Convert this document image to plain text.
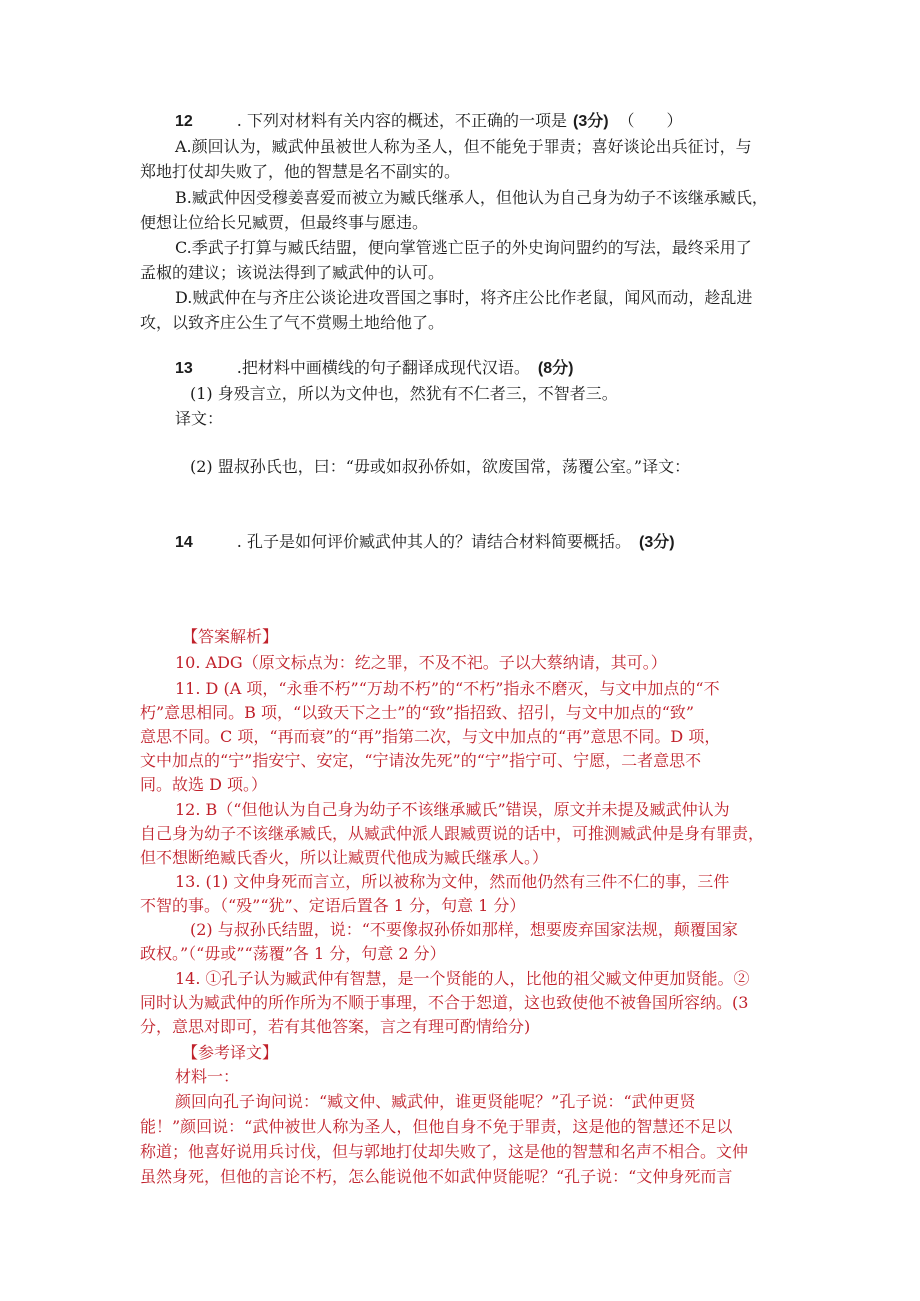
12	. 下列对材料有关内容的概述，不正确的一项是 (3分) （　　）
A.颜回认为，臧武仲虽被世人称为圣人，但不能免于罪责；喜好谈论出兵征讨，与
郑地打仗却失败了，他的智慧是名不副实的。
B.臧武仲因受穆姜喜爱而被立为臧氏继承人，但他认为自己身为幼子不该继承臧氏，
便想让位给长兄臧贾，但最终事与愿违。
C.季武子打算与臧氏结盟，便向掌管逃亡臣子的外史询问盟约的写法，最终采用了
孟椒的建议；该说法得到了臧武仲的认可。
D.贼武仲在与齐庄公谈论进攻晋国之事时，将齐庄公比作老鼠，闻风而动，趁乱进
攻，以致齐庄公生了气不赏赐土地给他了。
13	.把材料中画横线的句子翻译成现代汉语。 (8分)
(1) 身殁言立，所以为文仲也，然犹有不仁者三，不智者三。
译文：
(2) 盟叔孙氏也，曰：“毋或如叔孙侨如，欲废国常，荡覆公室。”译文：
14	. 孔子是如何评价臧武仲其人的？请结合材料简要概括。 (3分)
【答案解析】
10. ADG（原文标点为：纥之罪，不及不祀。子以大蔡纳请，其可。）
11. D (A 项，“永垂不朽”“万劫不朽”的“不朽”指永不磨灭，与文中加点的“不
朽”意思相同。B 项，“以致天下之士”的“致”指招致、招引，与文中加点的“致”
意思不同。C 项，“再而衰”的“再”指第二次，与文中加点的“再”意思不同。D 项，
文中加点的“宁”指安宁、安定，“宁请汝先死”的“宁”指宁可、宁愿，二者意思不
同。故选 D 项。）
12. B（“但他认为自己身为幼子不该继承臧氏”错误，原文并未提及臧武仲认为
自己身为幼子不该继承臧氏，从臧武仲派人跟臧贾说的话中，可推测臧武仲是身有罪责，
但不想断绝臧氏香火，所以让臧贾代他成为臧氏继承人。）
13. (1) 文仲身死而言立，所以被称为文仲，然而他仍然有三件不仁的事，三件
不智的事。（“殁”“犹”、定语后置各 1 分，句意 1 分）
(2) 与叔孙氏结盟，说：“不要像叔孙侨如那样，想要废弃国家法规，颠覆国家
政权。”（“毋或”“荡覆”各 1 分，句意 2 分）
14. ①孔子认为臧武仲有智慧，是一个贤能的人，比他的祖父臧文仲更加贤能。②
同时认为臧武仲的所作所为不顺于事理，不合于恕道，这也致使他不被鲁国所容纳。(3
分，意思对即可，若有其他答案，言之有理可酌情给分)
【参考译文】
材料一：
颜回向孔子询问说：“臧文仲、臧武仲，谁更贤能呢？”孔子说：“武仲更贤
能！”颜回说：“武仲被世人称为圣人，但他自身不免于罪责，这是他的智慧还不足以
称道；他喜好说用兵讨伐，但与郭地打仗却失败了，这是他的智慧和名声不相合。文仲
虽然身死，但他的言论不朽，怎么能说他不如武仲贤能呢？“孔子说：“文仲身死而言
